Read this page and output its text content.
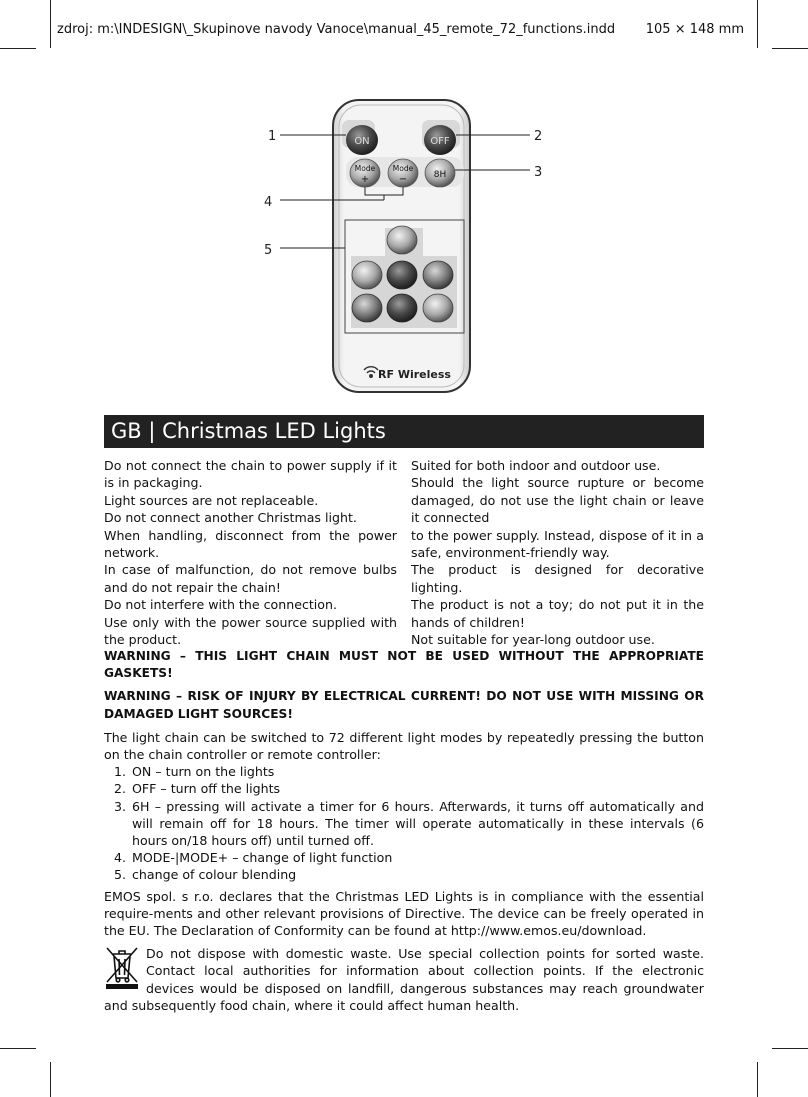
zdroj: m:\INDESIGN\_Skupinove navody Vanoce\manual_45_remote_72_functions.indd 105 × 148 mm
ON	OFF
Mode
+
Mode
−	8H
RF Wireless
1	2
3
4
5
GB | Christmas LED Lights

Do not connect the chain to power supply if it is in packaging.

Light sources are not replaceable.

Do not connect another Christmas light.

When handling, disconnect from the power network.

In case of malfunction, do not remove bulbs and do not repair the chain!

Do not interfere with the connection.

Use only with the power source supplied with the product.

Suited for both indoor and outdoor use.

Should the light source rupture or become damaged, do not use the light chain or leave it connected

to the power supply. Instead, dispose of it in a safe, environment-friendly way.

The product is designed for decorative lighting.

The product is not a toy; do not put it in the hands of children!

Not suitable for year-long outdoor use.

WARNING – THIS LIGHT CHAIN MUST NOT BE USED WITHOUT THE APPROPRIATE GASKETS!

WARNING – RISK OF INJURY BY ELECTRICAL CURRENT! DO NOT USE WITH MISSING OR DAMAGED LIGHT SOURCES!

The light chain can be switched to 72 different light modes by repeatedly pressing the button on the chain controller or remote controller:

1. ON – turn on the lights
2. OFF – turn off the lights
3. 6H – pressing will activate a timer for 6 hours. Afterwards, it turns off automatically and will remain off for 18 hours. The timer will operate automatically in these intervals (6 hours on/18 hours off) until turned off.
4. MODE-|MODE+ – change of light function
5. change of colour blending

EMOS spol. s r.o. declares that the Christmas LED Lights is in compliance with the essential require-ments and other relevant provisions of Directive. The device can be freely operated in the EU. The Declaration of Conformity can be found at http://www.emos.eu/download.

Do not dispose with domestic waste. Use special collection points for sorted waste. Contact local authorities for information about collection points. If the electronic devices would be disposed on landfill, dangerous substances may reach groundwater and subsequently food chain, where it could affect human health.
